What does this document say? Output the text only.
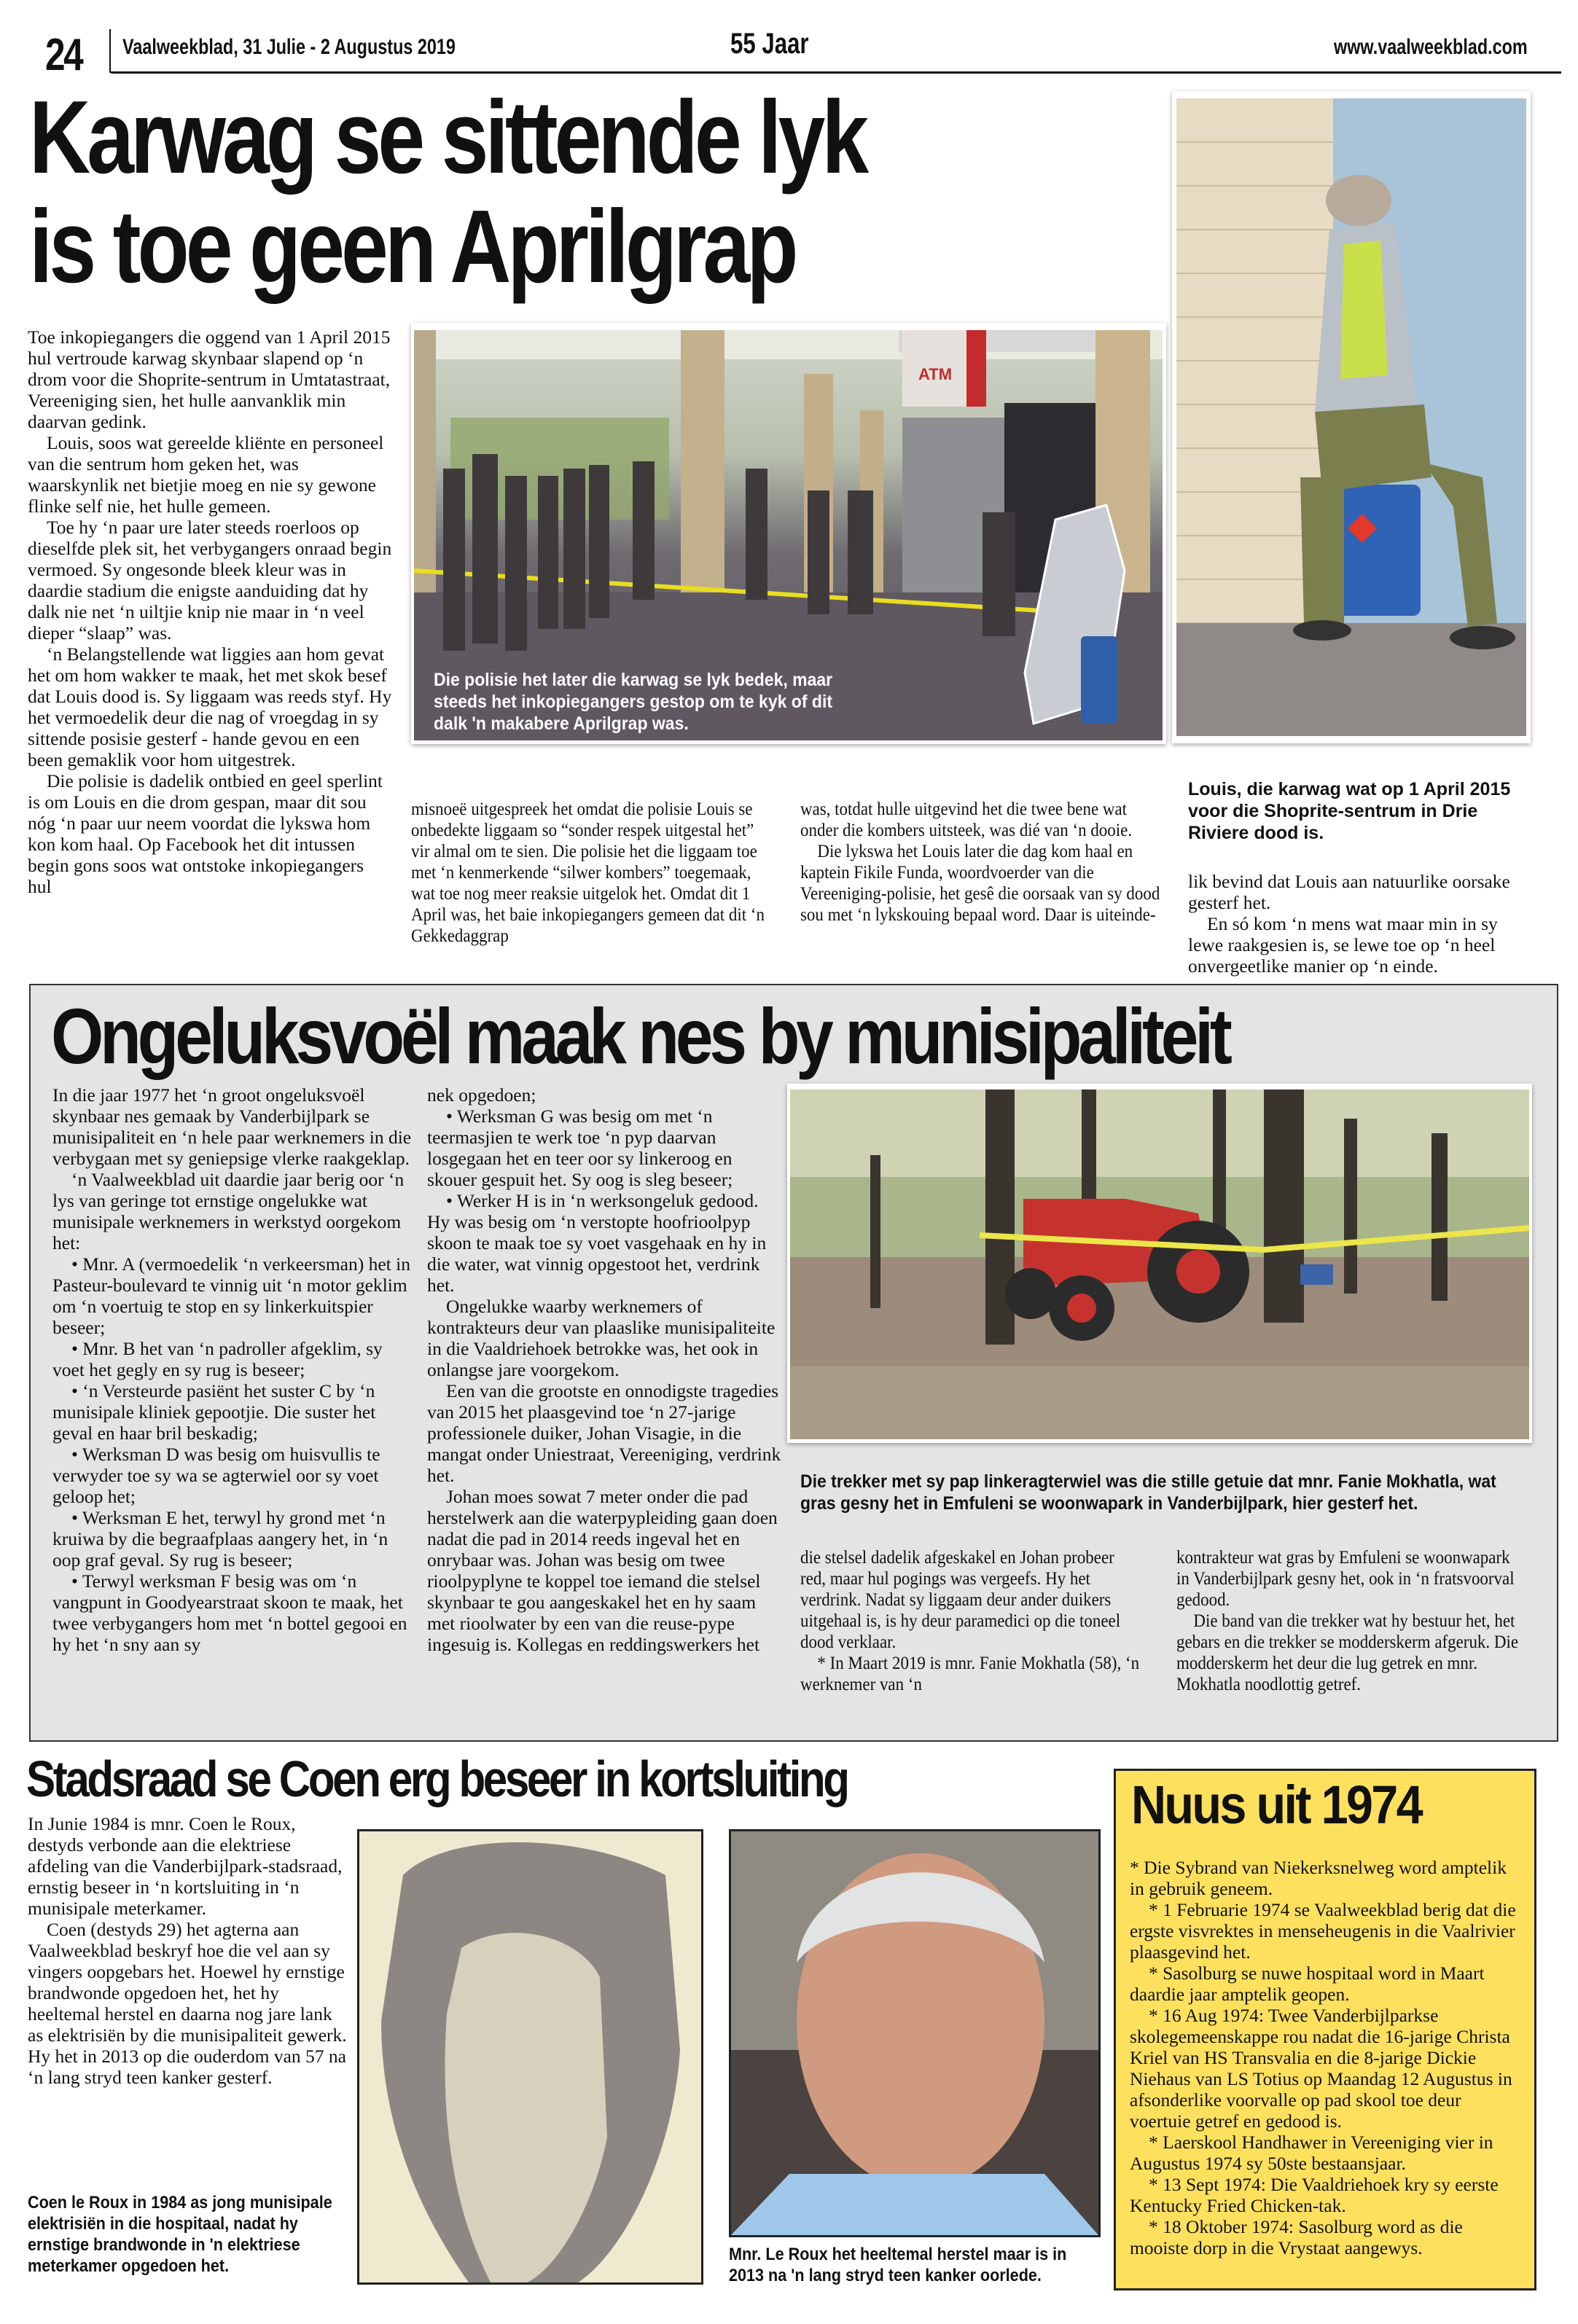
24 Vaalweekblad, 31 Julie - 2 Augustus 2019	55 Jaar	www.vaalweekblad.com
Karwag se sittende lyk
is toe geen Aprilgrap

Toe inkopiegangers die oggend van 1 April 2015 hul vertroude karwag skynbaar slapend op ‘n drom voor die Shoprite-sentrum in Umtatastraat, Vereeniging sien, het hulle aanvanklik min daarvan gedink.

Louis, soos wat gereelde kliënte en personeel van die sentrum hom geken het, was waarskynlik net bietjie moeg en nie sy gewone flinke self nie, het hulle gemeen.

Toe hy ‘n paar ure later steeds roerloos op dieselfde plek sit, het verbygangers onraad begin vermoed. Sy ongesonde bleek kleur was in daardie stadium die enigste aanduiding dat hy dalk nie net ‘n uiltjie knip nie maar in ‘n veel dieper “slaap” was.

‘n Belangstellende wat liggies aan hom gevat het om hom wakker te maak, het met skok besef dat Louis dood is. Sy liggaam was reeds styf. Hy het vermoedelik deur die nag of vroegdag in sy sittende posisie gesterf - hande gevou en een been gemaklik voor hom uitgestrek.

Die polisie is dadelik ontbied en geel sperlint is om Louis en die drom gespan, maar dit sou nóg ‘n paar uur neem voordat die lykswa hom kon kom haal. Op Facebook het dit intussen begin gons soos wat ontstoke inkopiegangers hul

ATM
Die polisie het later die karwag se lyk bedek, maar steeds het inkopiegangers gestop om te kyk of dit dalk 'n makabere Aprilgrap was.
Louis, die karwag wat op 1 April 2015 voor die Shoprite-sentrum in Drie Riviere dood is.

misnoeë uitgespreek het omdat die polisie Louis se onbedekte liggaam so “sonder respek uitgestal het” vir almal om te sien. Die polisie het die liggaam toe met ‘n kenmerkende “silwer kombers” toegemaak, wat toe nog meer reaksie uitgelok het. Omdat dit 1 April was, het baie inkopiegangers gemeen dat dit ‘n Gekkedaggrap

was, totdat hulle uitgevind het die twee bene wat onder die kombers uitsteek, was dié van ‘n dooie.

Die lykswa het Louis later die dag kom haal en kaptein Fikile Funda, woordvoerder van die Vereeniging-polisie, het gesê die oorsaak van sy dood sou met ‘n lykskouing bepaal word. Daar is uiteinde-

lik bevind dat Louis aan natuurlike oorsake gesterf het.

En só kom ‘n mens wat maar min in sy lewe raakgesien is, se lewe toe op ‘n heel onvergeetlike manier op ‘n einde.

Ongeluksvoël maak nes by munisipaliteit

In die jaar 1977 het ‘n groot ongeluksvoël skynbaar nes gemaak by Vanderbijlpark se munisipaliteit en ‘n hele paar werknemers in die verbygaan met sy geniepsige vlerke raakgeklap.

‘n Vaalweekblad uit daardie jaar berig oor ‘n lys van geringe tot ernstige ongelukke wat munisipale werknemers in werkstyd oorgekom het:

• Mnr. A (vermoedelik ‘n verkeersman) het in Pasteur-boulevard te vinnig uit ‘n motor geklim om ‘n voertuig te stop en sy linkerkuitspier beseer;

• Mnr. B het van ‘n padroller afgeklim, sy voet het gegly en sy rug is beseer;

• ‘n Versteurde pasiënt het suster C by ‘n munisipale kliniek gepootjie. Die suster het geval en haar bril beskadig;

• Werksman D was besig om huisvullis te verwyder toe sy wa se agterwiel oor sy voet geloop het;

• Werksman E het, terwyl hy grond met ‘n kruiwa by die begraafplaas aangery het, in ‘n oop graf geval. Sy rug is beseer;

• Terwyl werksman F besig was om ‘n vangpunt in Goodyearstraat skoon te maak, het twee verbygangers hom met ‘n bottel gegooi en hy het ‘n sny aan sy

nek opgedoen;

• Werksman G was besig om met ‘n teermasjien te werk toe ‘n pyp daarvan losgegaan het en teer oor sy linkeroog en skouer gespuit het. Sy oog is sleg beseer;

• Werker H is in ‘n werksongeluk gedood. Hy was besig om ‘n verstopte hoofrioolpyp skoon te maak toe sy voet vasgehaak en hy in die water, wat vinnig opgestoot het, verdrink het.

Ongelukke waarby werknemers of kontrakteurs deur van plaaslike munisipaliteite in die Vaaldriehoek betrokke was, het ook in onlangse jare voorgekom.

Een van die grootste en onnodigste tragedies van 2015 het plaasgevind toe ‘n 27-jarige professionele duiker, Johan Visagie, in die mangat onder Uniestraat, Vereeniging, verdrink het.

Johan moes sowat 7 meter onder die pad herstelwerk aan die waterpypleiding gaan doen nadat die pad in 2014 reeds ingeval het en onrybaar was. Johan was besig om twee rioolpyplyne te koppel toe iemand die stelsel skynbaar te gou aangeskakel het en hy saam met rioolwater by een van die reuse-pype ingesuig is. Kollegas en reddingswerkers het

Die trekker met sy pap linkeragterwiel was die stille getuie dat mnr. Fanie Mokhatla, wat gras gesny het in Emfuleni se woonwapark in Vanderbijlpark, hier gesterf het.

die stelsel dadelik afgeskakel en Johan probeer red, maar hul pogings was vergeefs. Hy het verdrink. Nadat sy liggaam deur ander duikers uitgehaal is, is hy deur paramedici op die toneel dood verklaar.

* In Maart 2019 is mnr. Fanie Mokhatla (58), ‘n werknemer van ‘n

kontrakteur wat gras by Emfuleni se woonwapark in Vanderbijlpark gesny het, ook in ‘n fratsvoorval gedood.

Die band van die trekker wat hy bestuur het, het gebars en die trekker se modderskerm afgeruk. Die modderskerm het deur die lug getrek en mnr. Mokhatla noodlottig getref.

Stadsraad se Coen erg beseer in kortsluiting

In Junie 1984 is mnr. Coen le Roux, destyds verbonde aan die elektriese afdeling van die Vanderbijlpark-stadsraad, ernstig beseer in ‘n kortsluiting in ‘n munisipale meterkamer.

Coen (destyds 29) het agterna aan Vaalweekblad beskryf hoe die vel aan sy vingers oopgebars het. Hoewel hy ernstige brandwonde opgedoen het, het hy heeltemal herstel en daarna nog jare lank as elektrisiën by die munisipaliteit gewerk. Hy het in 2013 op die ouderdom van 57 na ‘n lang stryd teen kanker gesterf.

Coen le Roux in 1984 as jong munisipale elektrisiën in die hospitaal, nadat hy ernstige brandwonde in 'n elektriese meterkamer opgedoen het.
Mnr. Le Roux het heeltemal herstel maar is in 2013 na 'n lang stryd teen kanker oorlede.
Nuus uit 1974

* Die Sybrand van Niekerksnelweg word amptelik in gebruik geneem.

* 1 Februarie 1974 se Vaalweekblad berig dat die ergste visvrektes in menseheugenis in die Vaalrivier plaasgevind het.

* Sasolburg se nuwe hospitaal word in Maart daardie jaar amptelik geopen.

* 16 Aug 1974: Twee Vanderbijlparkse skolegemeenskappe rou nadat die 16-jarige Christa Kriel van HS Transvalia en die 8-jarige Dickie Niehaus van LS Totius op Maandag 12 Augustus in afsonderlike voorvalle op pad skool toe deur voertuie getref en gedood is.

* Laerskool Handhawer in Vereeniging vier in Augustus 1974 sy 50ste bestaansjaar.

* 13 Sept 1974: Die Vaaldriehoek kry sy eerste Kentucky Fried Chicken-tak.

* 18 Oktober 1974: Sasolburg word as die mooiste dorp in die Vrystaat aangewys.
